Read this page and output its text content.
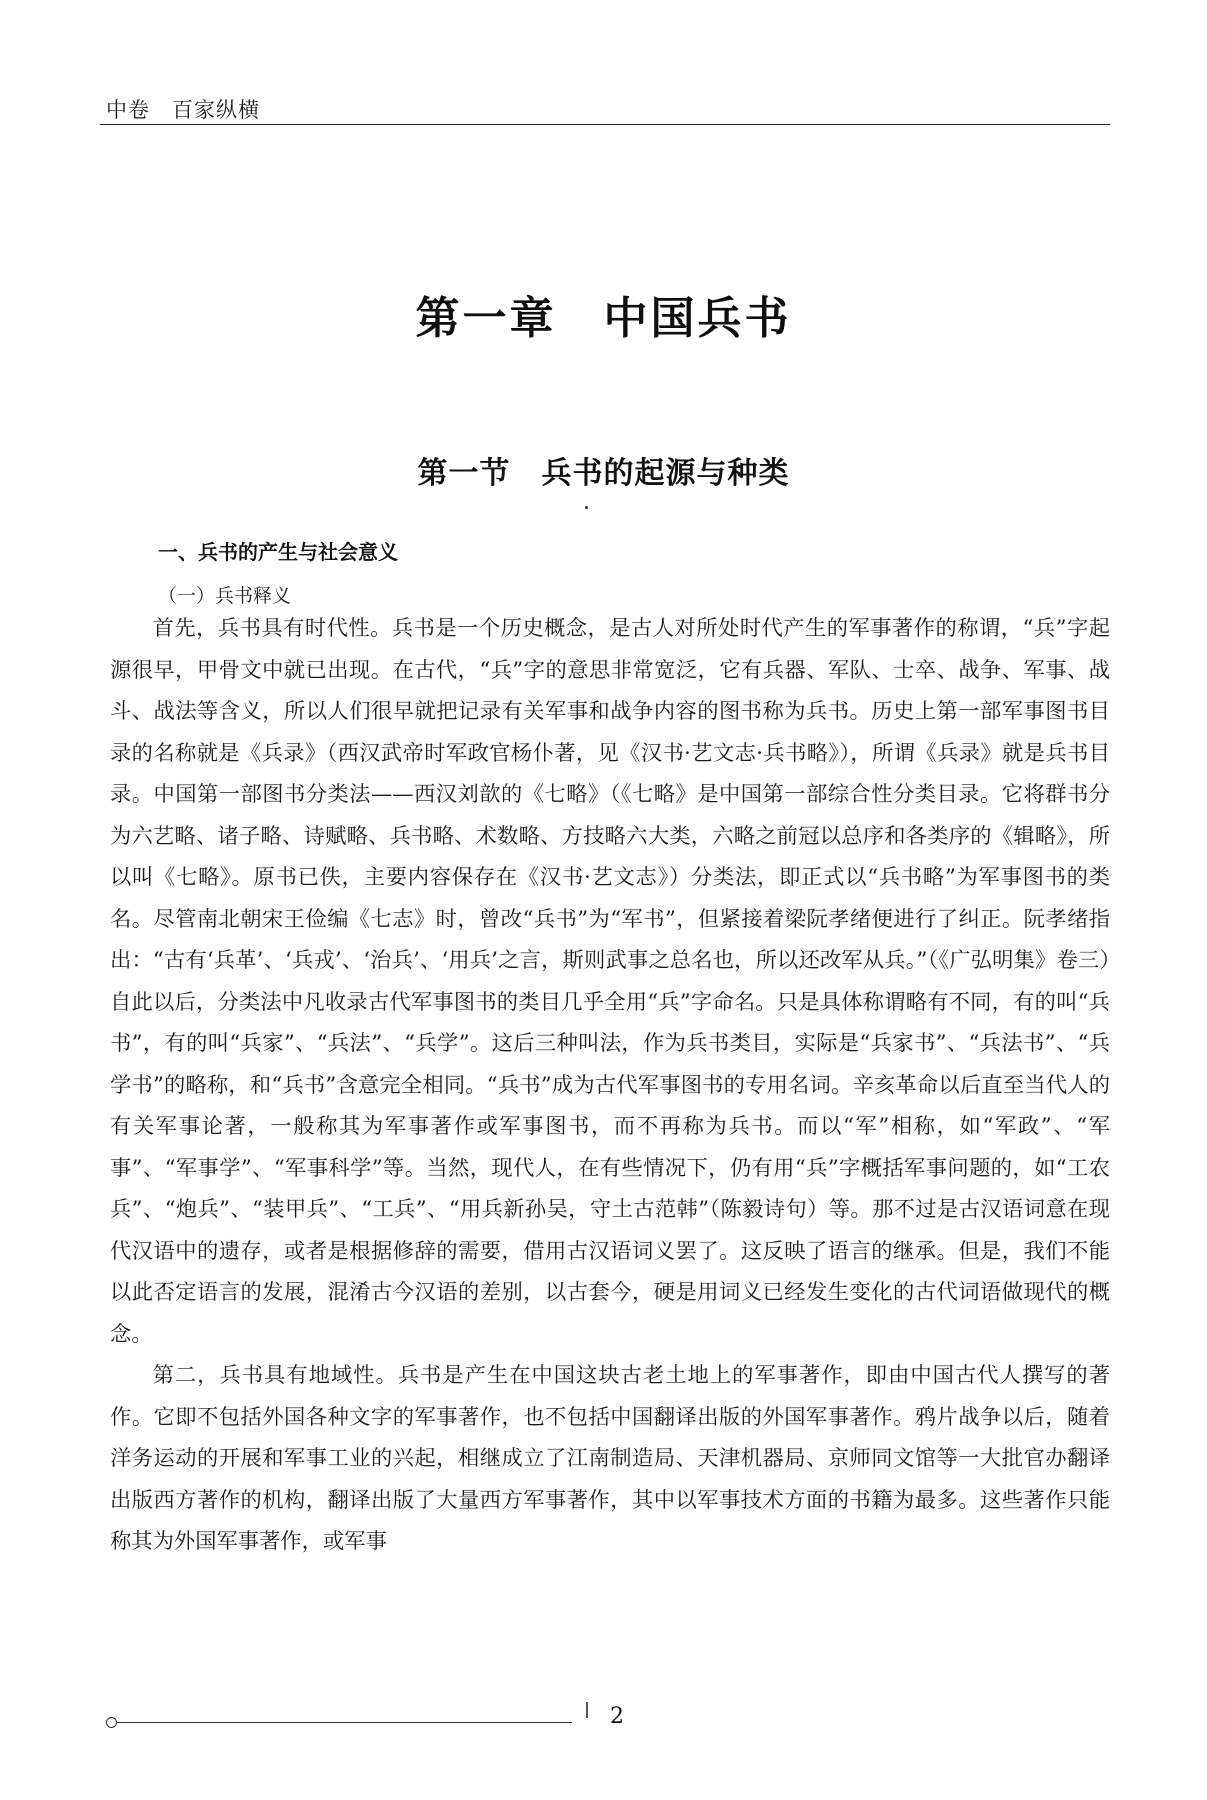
中卷　百家纵横
第一章　中国兵书
第一节　兵书的起源与种类
一、兵书的产生与社会意义
（一）兵书释义

首先，兵书具有时代性。兵书是一个历史概念，是古人对所处时代产生的军事著作的称谓，“兵”字起源很早，甲骨文中就已出现。在古代，“兵”字的意思非常宽泛，它有兵器、军队、士卒、战争、军事、战斗、战法等含义，所以人们很早就把记录有关军事和战争内容的图书称为兵书。历史上第一部军事图书目录的名称就是《兵录》（西汉武帝时军政官杨仆著，见《汉书·艺文志·兵书略》），所谓《兵录》就是兵书目录。中国第一部图书分类法——西汉刘歆的《七略》（《七略》是中国第一部综合性分类目录。它将群书分为六艺略、诸子略、诗赋略、兵书略、术数略、方技略六大类，六略之前冠以总序和各类序的《辑略》，所以叫《七略》。原书已佚，主要内容保存在《汉书·艺文志》）分类法，即正式以“兵书略”为军事图书的类名。尽管南北朝宋王俭编《七志》时，曾改“兵书”为“军书”，但紧接着梁阮孝绪便进行了纠正。阮孝绪指出：“古有‘兵革’、‘兵戎’、‘治兵’、‘用兵’之言，斯则武事之总名也，所以还改军从兵。”（《广弘明集》卷三）自此以后，分类法中凡收录古代军事图书的类目几乎全用“兵”字命名。只是具体称谓略有不同，有的叫“兵书”，有的叫“兵家”、“兵法”、“兵学”。这后三种叫法，作为兵书类目，实际是“兵家书”、“兵法书”、“兵学书”的略称，和“兵书”含意完全相同。“兵书”成为古代军事图书的专用名词。辛亥革命以后直至当代人的有关军事论著，一般称其为军事著作或军事图书，而不再称为兵书。而以“军”相称，如“军政”、“军事”、“军事学”、“军事科学”等。当然，现代人，在有些情况下，仍有用“兵”字概括军事问题的，如“工农兵”、“炮兵”、“装甲兵”、“工兵”、“用兵新孙吴，守土古范韩”（陈毅诗句）等。那不过是古汉语词意在现代汉语中的遗存，或者是根据修辞的需要，借用古汉语词义罢了。这反映了语言的继承。但是，我们不能以此否定语言的发展，混淆古今汉语的差别，以古套今，硬是用词义已经发生变化的古代词语做现代的概念。

第二，兵书具有地域性。兵书是产生在中国这块古老土地上的军事著作，即由中国古代人撰写的著作。它即不包括外国各种文字的军事著作，也不包括中国翻译出版的外国军事著作。鸦片战争以后，随着洋务运动的开展和军事工业的兴起，相继成立了江南制造局、天津机器局、京师同文馆等一大批官办翻译出版西方著作的机构，翻译出版了大量西方军事著作，其中以军事技术方面的书籍为最多。这些著作只能称其为外国军事著作，或军事

2
